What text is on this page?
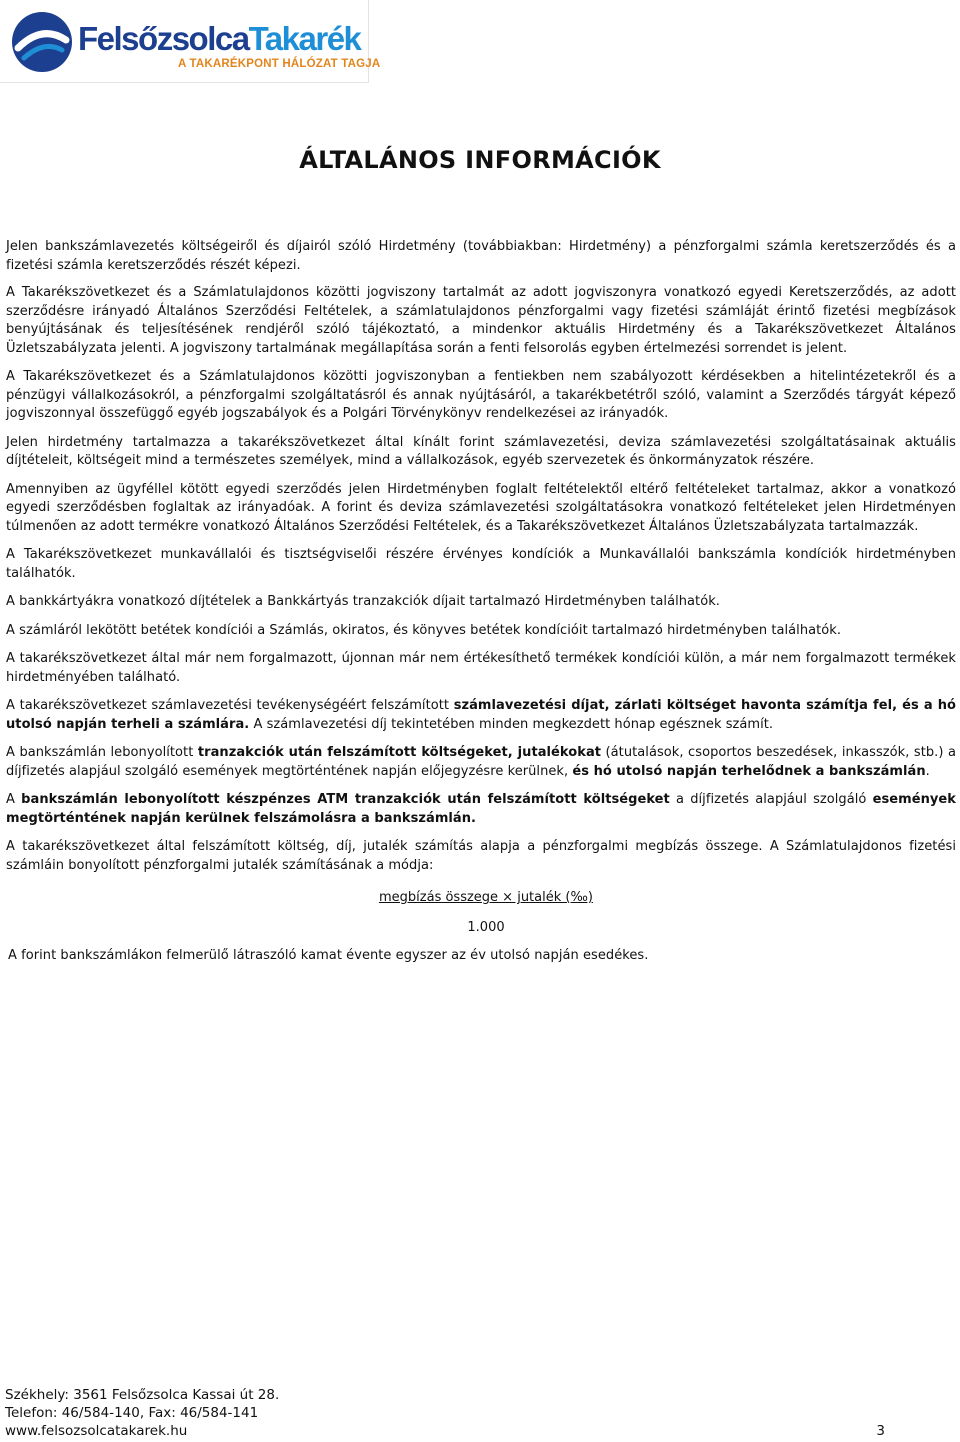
FelsőzsolcaTakarék
A TAKARÉKPONT HÁLÓZAT TAGJA
ÁLTALÁNOS INFORMÁCIÓK

Jelen bankszámlavezetés költségeiről és díjairól szóló Hirdetmény (továbbiakban: Hirdetmény) a pénzforgalmi számla keretszerződés és a fizetési számla keretszerződés részét képezi.

A Takarékszövetkezet és a Számlatulajdonos közötti jogviszony tartalmát az adott jogviszonyra vonatkozó egyedi Keretszerződés, az adott szerződésre irányadó Általános Szerződési Feltételek, a számlatulajdonos pénzforgalmi vagy fizetési számláját érintő fizetési megbízások benyújtásának és teljesítésének rendjéről szóló tájékoztató, a mindenkor aktuális Hirdetmény és a Takarékszövetkezet Általános Üzletszabályzata jelenti. A jogviszony tartalmának megállapítása során a fenti felsorolás egyben értelmezési sorrendet is jelent.

A Takarékszövetkezet és a Számlatulajdonos közötti jogviszonyban a fentiekben nem szabályozott kérdésekben a hitelintézetekről és a pénzügyi vállalkozásokról, a pénzforgalmi szolgáltatásról és annak nyújtásáról, a takarékbetétről szóló, valamint a Szerződés tárgyát képező jogviszonnyal összefüggő egyéb jogszabályok és a Polgári Törvénykönyv rendelkezései az irányadók.

Jelen hirdetmény tartalmazza a takarékszövetkezet által kínált forint számlavezetési, deviza számlavezetési szolgáltatásainak aktuális díjtételeit, költségeit mind a természetes személyek, mind a vállalkozások, egyéb szervezetek és önkormányzatok részére.

Amennyiben az ügyféllel kötött egyedi szerződés jelen Hirdetményben foglalt feltételektől eltérő feltételeket tartalmaz, akkor a vonatkozó egyedi szerződésben foglaltak az irányadóak. A forint és deviza számlavezetési szolgáltatásokra vonatkozó feltételeket jelen Hirdetményen túlmenően az adott termékre vonatkozó Általános Szerződési Feltételek, és a Takarékszövetkezet Általános Üzletszabályzata tartalmazzák.

A Takarékszövetkezet munkavállalói és tisztségviselői részére érvényes kondíciók a Munkavállalói bankszámla kondíciók hirdetményben találhatók.

A bankkártyákra vonatkozó díjtételek a Bankkártyás tranzakciók díjait tartalmazó Hirdetményben találhatók.

A számláról lekötött betétek kondíciói a Számlás, okiratos, és könyves betétek kondícióit tartalmazó hirdetményben találhatók.

A takarékszövetkezet által már nem forgalmazott, újonnan már nem értékesíthető termékek kondíciói külön, a már nem forgalmazott termékek hirdetményében található.

A takarékszövetkezet számlavezetési tevékenységéért felszámított számlavezetési díjat, zárlati költséget havonta számítja fel, és a hó utolsó napján terheli a számlára. A számlavezetési díj tekintetében minden megkezdett hónap egésznek számít.

A bankszámlán lebonyolított tranzakciók után felszámított költségeket, jutalékokat (átutalások, csoportos beszedések, inkasszók, stb.) a díjfizetés alapjául szolgáló események megtörténtének napján előjegyzésre kerülnek, és hó utolsó napján terhelődnek a bankszámlán.

A bankszámlán lebonyolított készpénzes ATM tranzakciók után felszámított költségeket a díjfizetés alapjául szolgáló események megtörténtének napján kerülnek felszámolásra a bankszámlán.

A takarékszövetkezet által felszámított költség, díj, jutalék számítás alapja a pénzforgalmi megbízás összege. A Számlatulajdonos fizetési számláin bonyolított pénzforgalmi jutalék számításának a módja:

megbízás összege × jutalék (‰)
1.000

A forint bankszámlákon felmerülő látraszóló kamat évente egyszer az év utolsó napján esedékes.

Székhely: 3561 Felsőzsolca Kassai út 28.
Telefon: 46/584-140, Fax: 46/584-141
www.felsozsolcatakarek.hu	3
